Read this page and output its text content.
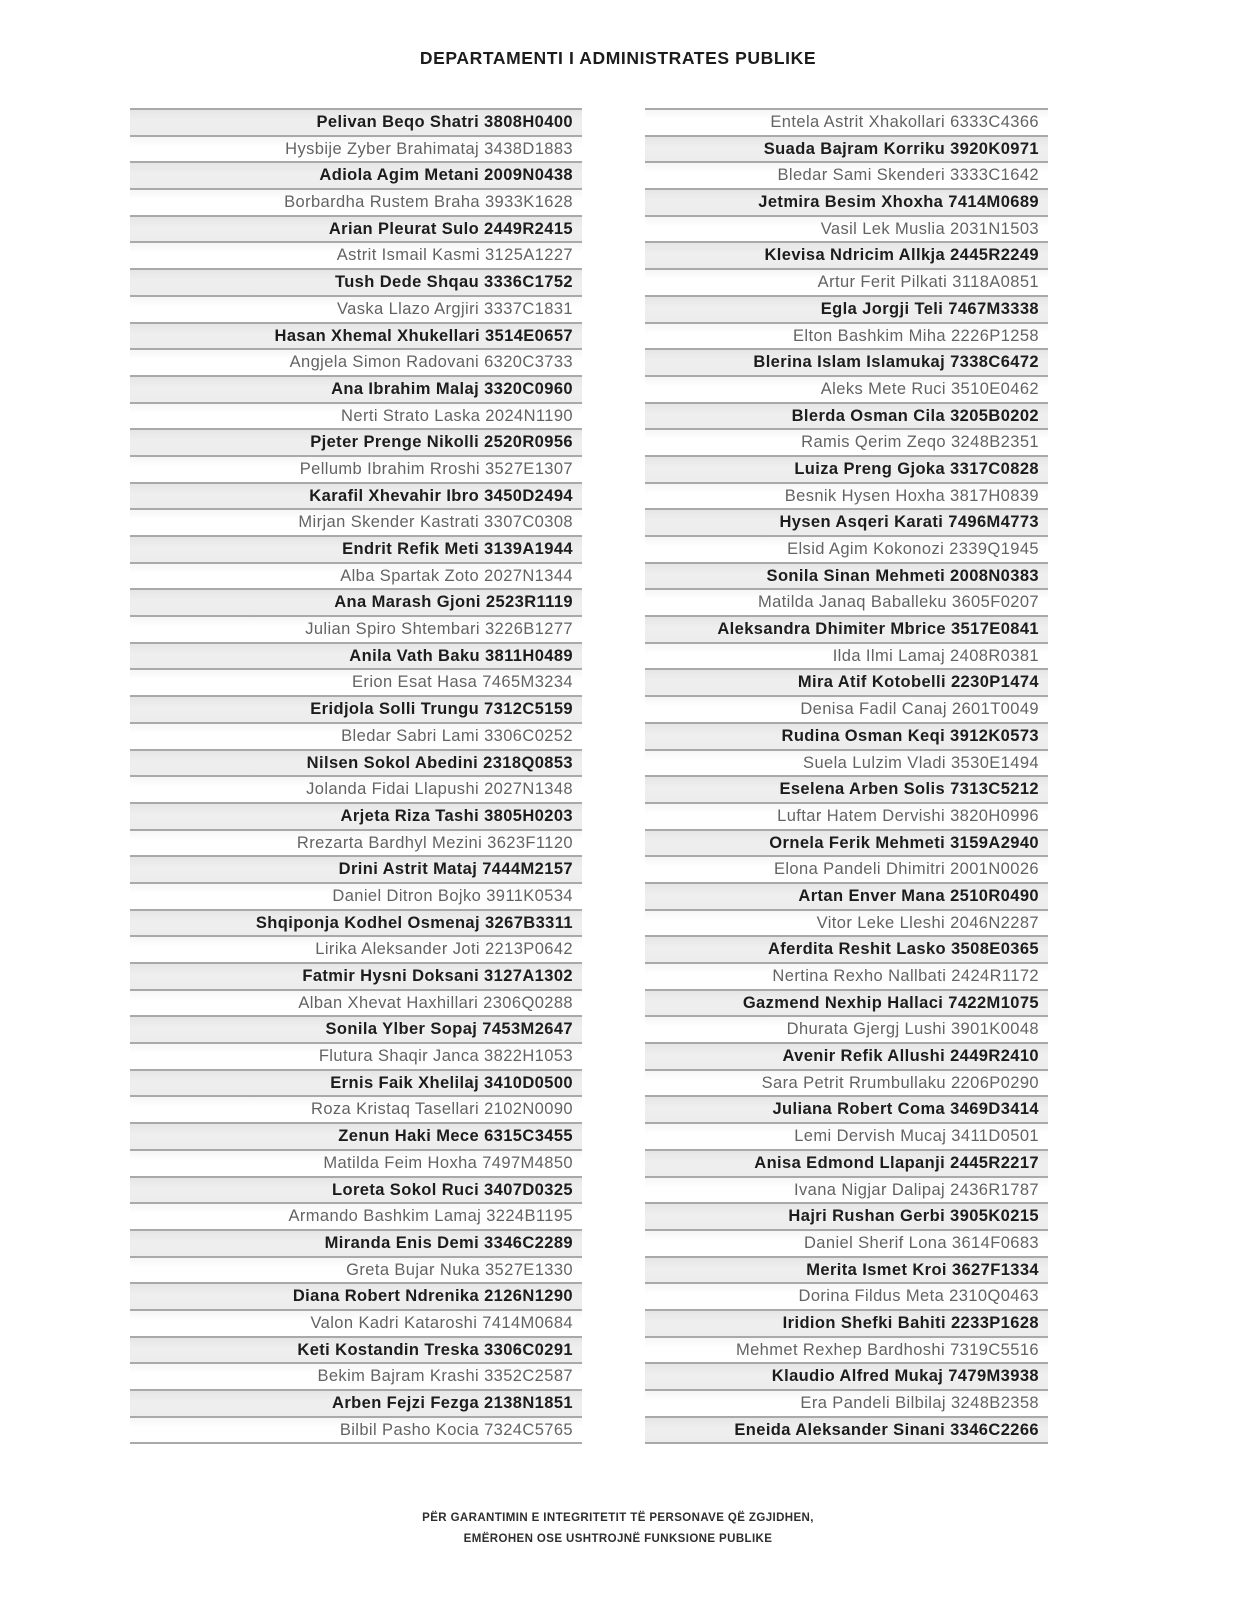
DEPARTAMENTI I ADMINISTRATES PUBLIKE
Pelivan Beqo Shatri 3808H0400
Hysbije Zyber Brahimataj 3438D1883
Adiola Agim Metani 2009N0438
Borbardha Rustem Braha 3933K1628
Arian Pleurat Sulo 2449R2415
Astrit Ismail Kasmi 3125A1227
Tush Dede Shqau 3336C1752
Vaska Llazo Argjiri 3337C1831
Hasan Xhemal Xhukellari 3514E0657
Angjela Simon Radovani 6320C3733
Ana Ibrahim Malaj 3320C0960
Nerti Strato Laska 2024N1190
Pjeter Prenge Nikolli 2520R0956
Pellumb Ibrahim Rroshi 3527E1307
Karafil Xhevahir Ibro 3450D2494
Mirjan Skender Kastrati 3307C0308
Endrit Refik Meti 3139A1944
Alba Spartak Zoto 2027N1344
Ana Marash Gjoni 2523R1119
Julian Spiro Shtembari 3226B1277
Anila Vath Baku 3811H0489
Erion Esat Hasa 7465M3234
Eridjola Solli Trungu 7312C5159
Bledar Sabri Lami 3306C0252
Nilsen Sokol Abedini 2318Q0853
Jolanda Fidai Llapushi 2027N1348
Arjeta Riza Tashi 3805H0203
Rrezarta Bardhyl Mezini 3623F1120
Drini Astrit Mataj 7444M2157
Daniel Ditron Bojko 3911K0534
Shqiponja Kodhel Osmenaj 3267B3311
Lirika Aleksander Joti 2213P0642
Fatmir Hysni Doksani 3127A1302
Alban Xhevat Haxhillari 2306Q0288
Sonila Ylber Sopaj 7453M2647
Flutura Shaqir Janca 3822H1053
Ernis Faik Xhelilaj 3410D0500
Roza Kristaq Tasellari 2102N0090
Zenun Haki Mece 6315C3455
Matilda Feim Hoxha 7497M4850
Loreta Sokol Ruci 3407D0325
Armando Bashkim Lamaj 3224B1195
Miranda Enis Demi 3346C2289
Greta Bujar Nuka 3527E1330
Diana Robert Ndrenika 2126N1290
Valon Kadri Kataroshi 7414M0684
Keti Kostandin Treska 3306C0291
Bekim Bajram Krashi 3352C2587
Arben Fejzi Fezga 2138N1851
Bilbil Pasho Kocia 7324C5765
Entela Astrit Xhakollari 6333C4366
Suada Bajram Korriku 3920K0971
Bledar Sami Skenderi 3333C1642
Jetmira Besim Xhoxha 7414M0689
Vasil Lek Muslia 2031N1503
Klevisa Ndricim Allkja 2445R2249
Artur Ferit Pilkati 3118A0851
Egla Jorgji Teli 7467M3338
Elton Bashkim Miha 2226P1258
Blerina Islam Islamukaj 7338C6472
Aleks Mete Ruci 3510E0462
Blerda Osman Cila 3205B0202
Ramis Qerim Zeqo 3248B2351
Luiza Preng Gjoka 3317C0828
Besnik Hysen Hoxha 3817H0839
Hysen Asqeri Karati 7496M4773
Elsid Agim Kokonozi 2339Q1945
Sonila Sinan Mehmeti 2008N0383
Matilda Janaq Baballeku 3605F0207
Aleksandra Dhimiter Mbrice 3517E0841
Ilda Ilmi Lamaj 2408R0381
Mira Atif Kotobelli 2230P1474
Denisa Fadil Canaj 2601T0049
Rudina Osman Keqi 3912K0573
Suela Lulzim Vladi 3530E1494
Eselena Arben Solis 7313C5212
Luftar Hatem Dervishi 3820H0996
Ornela Ferik Mehmeti 3159A2940
Elona Pandeli Dhimitri 2001N0026
Artan Enver Mana 2510R0490
Vitor Leke Lleshi 2046N2287
Aferdita Reshit Lasko 3508E0365
Nertina Rexho Nallbati 2424R1172
Gazmend Nexhip Hallaci 7422M1075
Dhurata Gjergj Lushi 3901K0048
Avenir Refik Allushi 2449R2410
Sara Petrit Rrumbullaku 2206P0290
Juliana Robert Coma 3469D3414
Lemi Dervish Mucaj 3411D0501
Anisa Edmond Llapanji 2445R2217
Ivana Nigjar Dalipaj 2436R1787
Hajri Rushan Gerbi 3905K0215
Daniel Sherif Lona 3614F0683
Merita Ismet Kroi 3627F1334
Dorina Fildus Meta 2310Q0463
Iridion Shefki Bahiti 2233P1628
Mehmet Rexhep Bardhoshi 7319C5516
Klaudio Alfred Mukaj 7479M3938
Era Pandeli Bilbilaj 3248B2358
Eneida Aleksander Sinani 3346C2266
PËR GARANTIMIN E INTEGRITETIT TË PERSONAVE QË ZGJIDHEN,
EMËROHEN OSE USHTROJNË FUNKSIONE PUBLIKE
